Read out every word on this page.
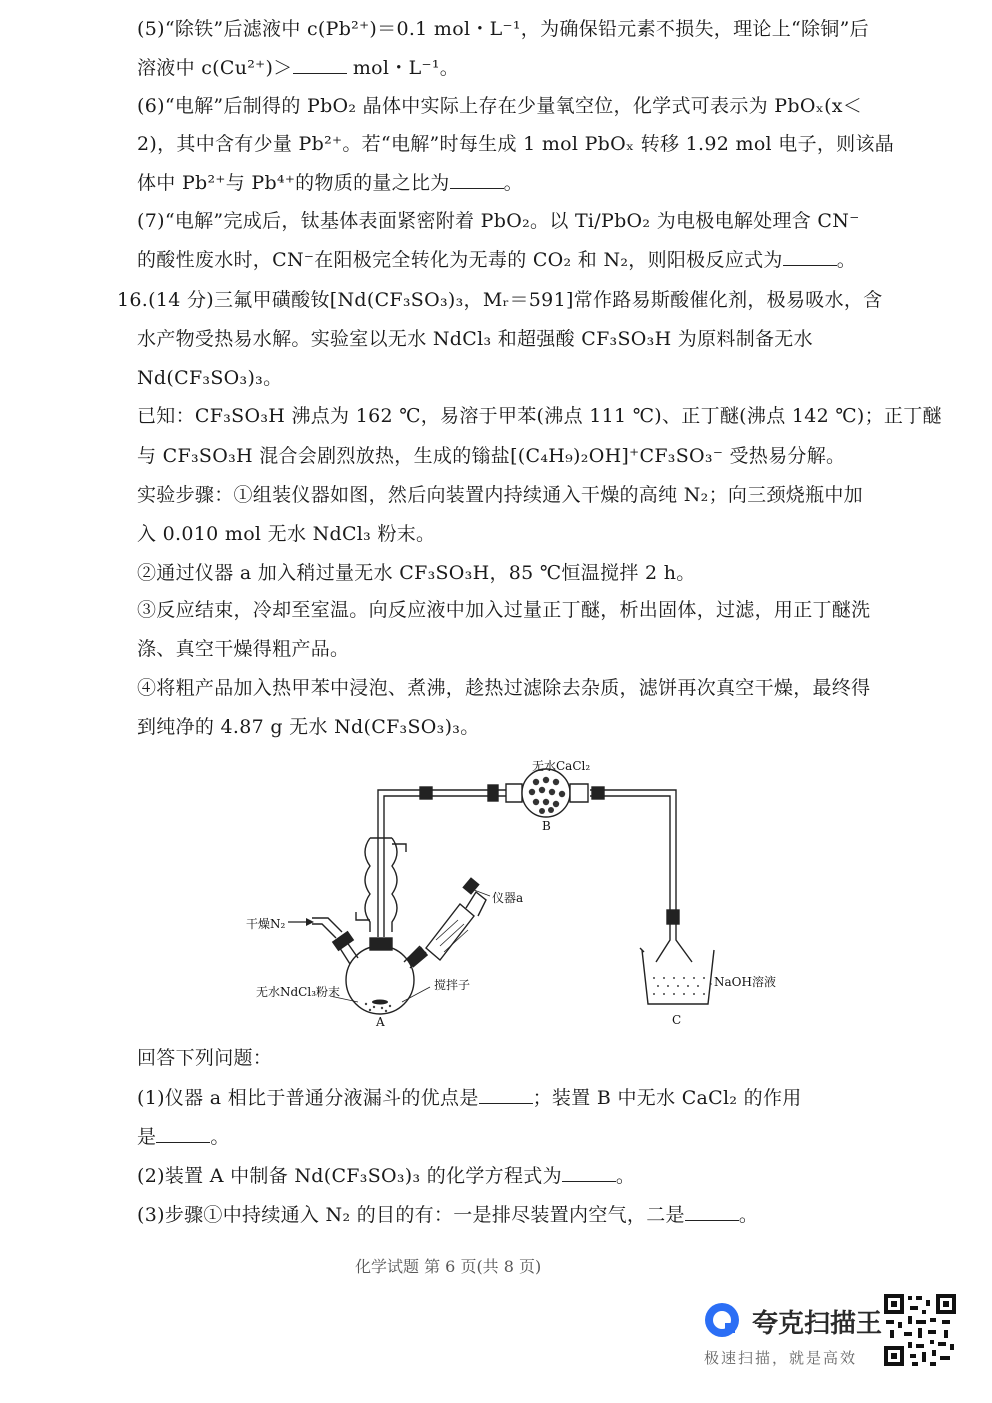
(5)“除铁”后滤液中 c(Pb²⁺)＝0.1 mol・L⁻¹，为确保铅元素不损失，理论上“除铜”后
溶液中 c(Cu²⁺)＞	mol・L⁻¹。
(6)“电解”后制得的 PbO₂ 晶体中实际上存在少量氧空位，化学式可表示为 PbOₓ(x＜
2)，其中含有少量 Pb²⁺。若“电解”时每生成 1 mol PbOₓ 转移 1.92 mol 电子，则该晶
体中 Pb²⁺与 Pb⁴⁺的物质的量之比为	。
(7)“电解”完成后，钛基体表面紧密附着 PbO₂。以 Ti/PbO₂ 为电极电解处理含 CN⁻
的酸性废水时，CN⁻在阳极完全转化为无毒的 CO₂ 和 N₂，则阳极反应式为	。
16.(14 分)三氟甲磺酸钕[Nd(CF₃SO₃)₃，Mᵣ＝591]常作路易斯酸催化剂，极易吸水，含
水产物受热易水解。实验室以无水 NdCl₃ 和超强酸 CF₃SO₃H 为原料制备无水
Nd(CF₃SO₃)₃。
已知：CF₃SO₃H 沸点为 162 ℃，易溶于甲苯(沸点 111 ℃)、正丁醚(沸点 142 ℃)；正丁醚
与 CF₃SO₃H 混合会剧烈放热，生成的𬭩盐[(C₄H₉)₂OH]⁺CF₃SO₃⁻ 受热易分解。
实验步骤：①组装仪器如图，然后向装置内持续通入干燥的高纯 N₂；向三颈烧瓶中加
入 0.010 mol 无水 NdCl₃ 粉末。
②通过仪器 a 加入稍过量无水 CF₃SO₃H，85 ℃恒温搅拌 2 h。
③反应结束，冷却至室温。向反应液中加入过量正丁醚，析出固体，过滤，用正丁醚洗
涤、真空干燥得粗产品。
④将粗产品加入热甲苯中浸泡、煮沸，趁热过滤除去杂质，滤饼再次真空干燥，最终得
到纯净的 4.87 g 无水 Nd(CF₃SO₃)₃。
无水CaCl₂
B
干燥N₂
仪器a
无水NdCl₃粉末	搅拌子
A
NaOH溶液
C
回答下列问题：
(1)仪器 a 相比于普通分液漏斗的优点是	；装置 B 中无水 CaCl₂ 的作用
是	。
(2)装置 A 中制备 Nd(CF₃SO₃)₃ 的化学方程式为	。
(3)步骤①中持续通入 N₂ 的目的有：一是排尽装置内空气，二是	。
化学试题 第 6 页(共 8 页)
夸克扫描王
极速扫描，就是高效
